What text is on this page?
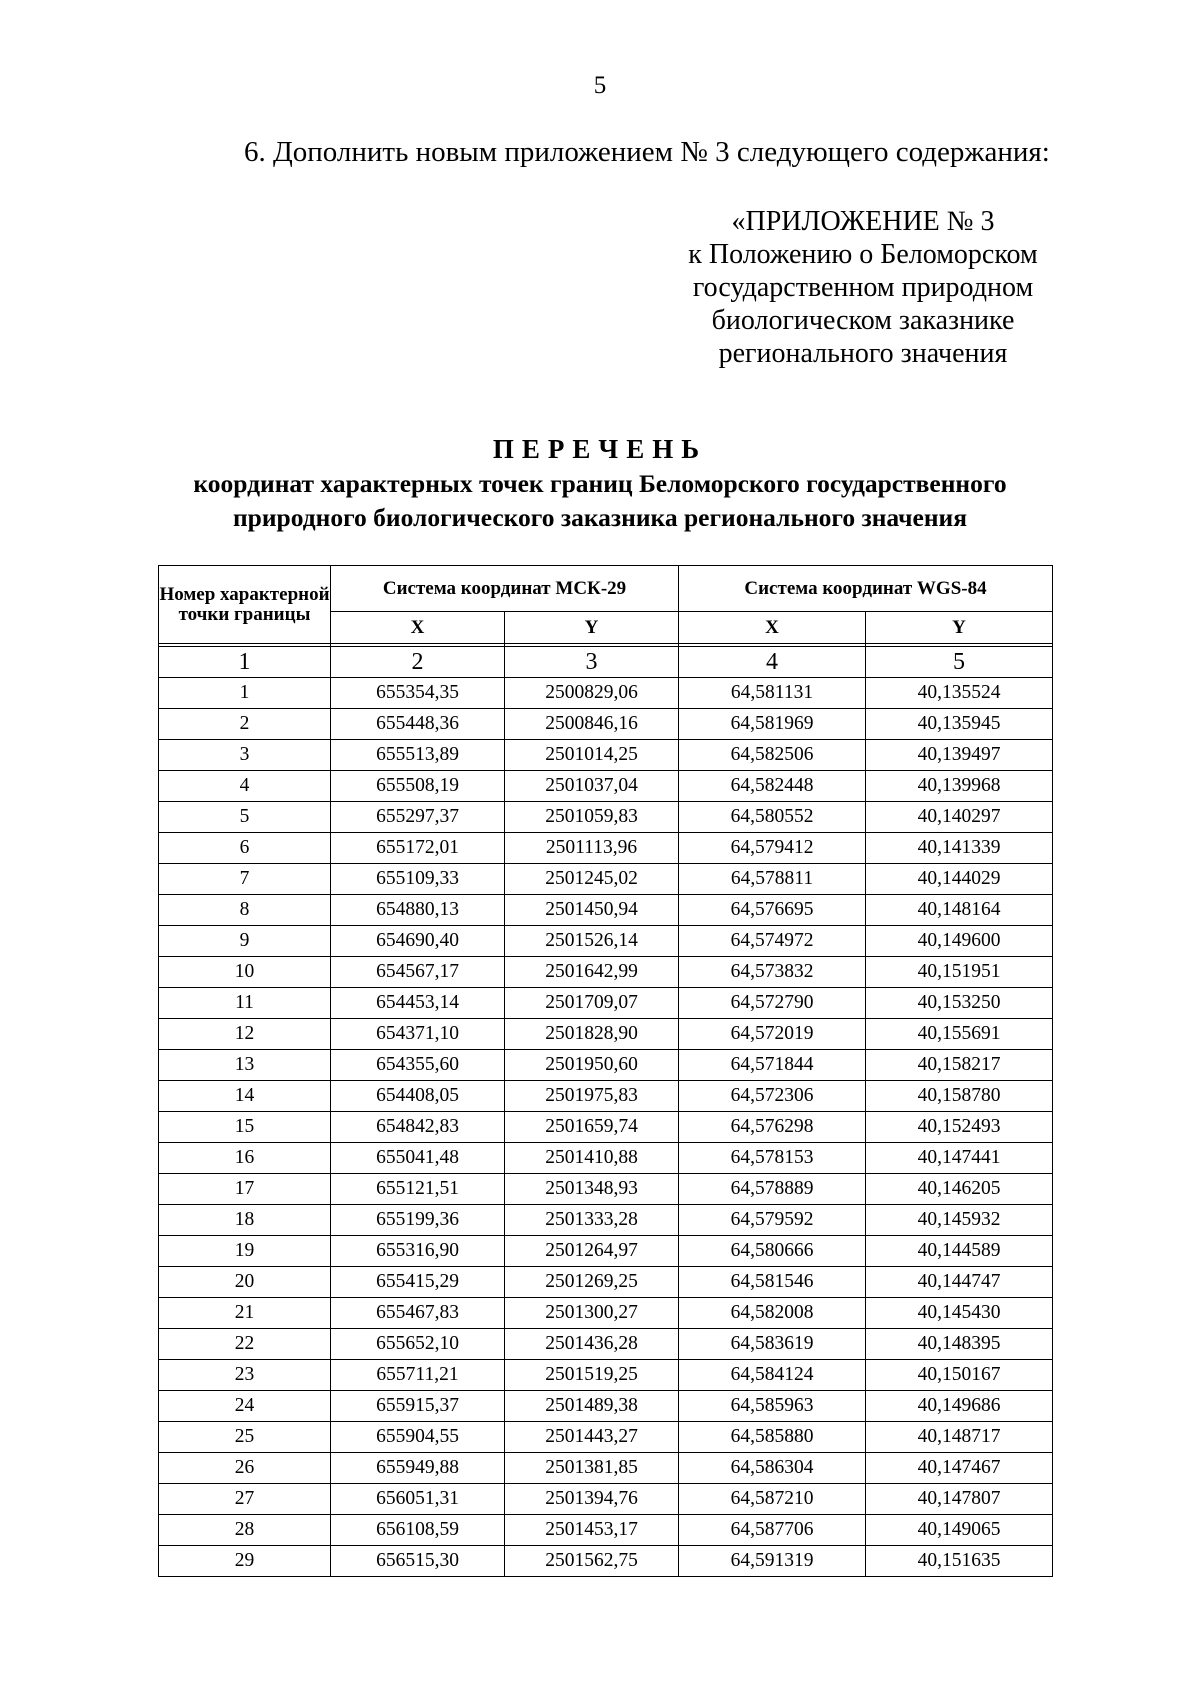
5
6. Дополнить новым приложением № 3 следующего содержания:
«ПРИЛОЖЕНИЕ № 3
к Положению о Беломорском
государственном природном
биологическом заказнике
регионального значения
ПЕРЕЧЕНЬ
координат характерных точек границ Беломорского государственного
природного биологического заказника регионального значения
Номер характерной точки границы	Система координат МСК-29		Система координат WGS-84	
	X	Y	X	Y

1	2	3	4	5
1	655354,35	2500829,06	64,581131	40,135524
2	655448,36	2500846,16	64,581969	40,135945
3	655513,89	2501014,25	64,582506	40,139497
4	655508,19	2501037,04	64,582448	40,139968
5	655297,37	2501059,83	64,580552	40,140297
6	655172,01	2501113,96	64,579412	40,141339
7	655109,33	2501245,02	64,578811	40,144029
8	654880,13	2501450,94	64,576695	40,148164
9	654690,40	2501526,14	64,574972	40,149600
10	654567,17	2501642,99	64,573832	40,151951
11	654453,14	2501709,07	64,572790	40,153250
12	654371,10	2501828,90	64,572019	40,155691
13	654355,60	2501950,60	64,571844	40,158217
14	654408,05	2501975,83	64,572306	40,158780
15	654842,83	2501659,74	64,576298	40,152493
16	655041,48	2501410,88	64,578153	40,147441
17	655121,51	2501348,93	64,578889	40,146205
18	655199,36	2501333,28	64,579592	40,145932
19	655316,90	2501264,97	64,580666	40,144589
20	655415,29	2501269,25	64,581546	40,144747
21	655467,83	2501300,27	64,582008	40,145430
22	655652,10	2501436,28	64,583619	40,148395
23	655711,21	2501519,25	64,584124	40,150167
24	655915,37	2501489,38	64,585963	40,149686
25	655904,55	2501443,27	64,585880	40,148717
26	655949,88	2501381,85	64,586304	40,147467
27	656051,31	2501394,76	64,587210	40,147807
28	656108,59	2501453,17	64,587706	40,149065
29	656515,30	2501562,75	64,591319	40,151635
